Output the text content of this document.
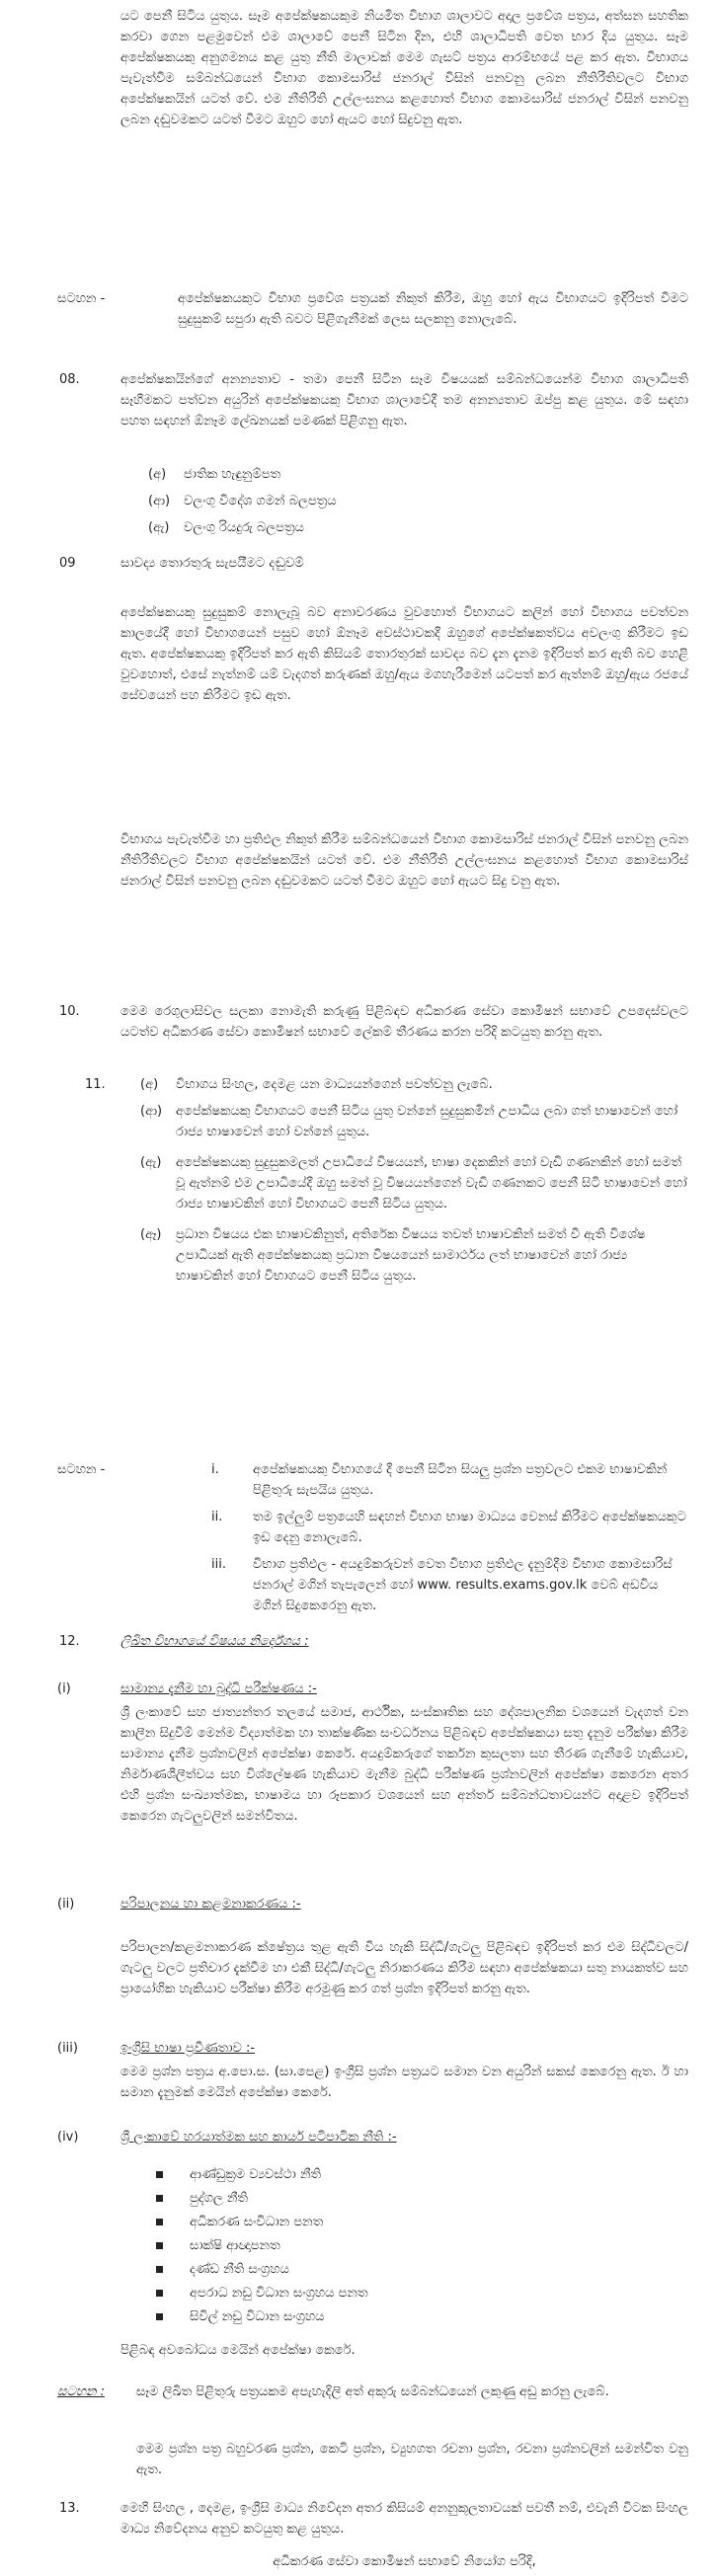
යට පෙනී සිටිය යුතුය. සෑම අපේක්ෂකයකුම නියමිත විභාග ශාලාවට අදාල ප්‍රවේශ පත්‍රය, අත්සන සහතික කරවා ගෙන පළමුවෙන් එම ශාලාවේ පෙනී සිටින දින, එහි ශාලාධිපති වෙත භාර දිය යුතුය. සෑම අපේක්ෂකයකු අනුගමනය කළ යුතු නීති මාලාවක් මෙම ගැසට් පත්‍රය ආරම්භයේ පළ කර ඇත. විභාගය පැවැත්වීම සම්බන්ධයෙන් විභාග කොමසාරිස් ජනරාල් විසින් පනවනු ලබන නීතිරීතිවලට විභාග අපේක්ෂකයින් යටත් වේ. එම නීතිරීති උල්ලංඝනය කළහොත් විභාග කොමසාරිස් ජනරාල් විසින් පනවනු ලබන දඬුවමකට යටත් වීමට ඔහුට හෝ ඇයට හෝ සිදුවනු ඇත.

සටහන -	අපේක්ෂකයකුට විභාග ප්‍රවේශ පත්‍රයක් නිකුත් කිරීම, ඔහු හෝ ඇය විභාගයට ඉදිරිපත් වීමට සුදුසුකම් සපුරා ඇති බවට පිළිගැනීමක් ලෙස සලකනු නොලැබේ.

08.	අපේක්ෂකයින්ගේ අනන්‍යතාව - තමා පෙනී සිටින සෑම විෂයයක් සම්බන්ධයෙන්ම විභාග ශාලාධිපති සෑහීමකට පත්වන අයුරින් අපේක්ෂකයකු විභාග ශාලාවේදී තම අනන්‍යතාව ඔප්පු කළ යුතුය. මේ සඳහා පහත සඳහන් ඕනෑම ලේඛනයක් පමණක් පිළිගනු ඇත.

(අ) ජාතික හැඳුනුම්පත
(ආ) වලංගු විදේශ ගමන් බලපත්‍රය
(ඇ) වලංගු රියදුරු බලපත්‍රය

09	සාවද්‍ය තොරතුරු සැපයීමට දඬුවම්

අපේක්ෂකයකු සුදුසුකම් නොලැබූ බව අනාවරණය වුවහොත් විභාගයට කලින් හෝ විභාගය පවත්වන කාලයේදී හෝ විභාගයෙන් පසුව හෝ ඕනෑම අවස්ථාවකදී ඔහුගේ අපේක්ෂකත්වය අවලංගු කිරීමට ඉඩ ඇත. අපේක්ෂකයකු ඉදිරිපත් කර ඇති කිසියම් තොරතුරක් සාවද්‍ය බව දැන දැනම ඉදිරිපත් කර ඇති බව හෙළි වුවහොත්, එසේ නැත්නම් යම් වැදගත් කරුණක් ඔහු/ඇය මගහැරීමෙන් යටපත් කර ඇත්නම් ඔහු/ඇය රජයේ සේවයෙන් පහ කිරීමට ඉඩ ඇත.

විභාගය පැවැත්වීම හා ප්‍රතිඵල නිකුත් කිරීම සම්බන්ධයෙන් විභාග කොමසාරිස් ජනරාල් විසින් පනවනු ලබන නීතිරීතිවලට විභාග අපේක්ෂකයින් යටත් වේ. එම නීතිරීති උල්ලංඝනය කළහොත් විභාග කොමසාරිස් ජනරාල් විසින් පනවනු ලබන දඬුවමකට යටත් වීමට ඔහුට හෝ ඇයට සිදු වනු ඇත.

10.	මෙම රෙගුලාසිවල සලකා නොමැති කරුණු පිළිබඳව අධිකරණ සේවා කොමිෂන් සභාවේ උපදෙස්වලට යටත්ව අධිකරණ සේවා කොමිෂන් සභාවේ ලේකම් තීරණය කරන පරිදි කටයුතු කරනු ඇත.

11.	(අ) විභාගය සිංහල, දෙමළ යන මාධ්‍යයන්ගෙන් පවත්වනු ලැබේ.
(ආ) අපේක්ෂකයකු විභාගයට පෙනී සිටිය යුතු වන්නේ සුදුසුකමින් උපාධිය ලබා ගත් භාෂාවෙන් හෝ රාජ්‍ය භාෂාවෙන් හෝ වන්නේ යුතුය.
(ඇ) අපේක්ෂකයකු සුදුසුකමලත් උපාධියේ විෂයයන්, භාෂා දෙකකින් හෝ වැඩි ගණනකින් හෝ සමත් වූ ඇත්නම් එම උපාධියේදී ඔහු සමත් වූ විෂයයන්ගෙන් වැඩි ගණනකට පෙනී සිටි භාෂාවෙන් හෝ රාජ්‍ය භාෂාවකින් හෝ විභාගයට පෙනී සිටිය යුතුය.
(ඈ) ප්‍රධාන විෂයය එක භාෂාවකිනුත්, අතිරේක විෂයය තවත් භාෂාවකින් සමත් වී ඇති විශේෂ උපාධියක් ඇති අපේක්ෂකයකු ප්‍රධාන විෂයයෙන් සාමාර්ථය ලත් භාෂාවෙන් හෝ රාජ්‍ය භාෂාවකින් හෝ විභාගයට පෙනී සිටිය යුතුය.

සටහන -	i.	අපේක්ෂකයකු විභාගයේ දී පෙනී සිටින සියලු ප්‍රශ්න පත්‍රවලට එකම භාෂාවකින් පිළිතුරු සැපයිය යුතුය.
ii. තම ඉල්ලුම් පත්‍රයෙහි සඳහන් විභාග භාෂා මාධ්‍යය වෙනස් කිරීමට අපේක්ෂකයකුට ඉඩ දෙනු නොලැබේ.
iii. විභාග ප්‍රතිඵල - අයදුම්කරුවන් වෙත විභාග ප්‍රතිඵල දැනුම්දීම විභාග කොමසාරිස් ජනරාල් මගින් තැපැලෙන් හෝ www. results.exams.gov.lk වෙබ් අඩවිය මගින් සිදුකෙරෙනු ඇත.

12.	ලිඛිත විභාගයේ විෂයය නිර්දේශය :

(i)	සාමාන්‍ය දැනීම හා බුද්ධි පරීක්ෂණය :-

ශ්‍රී ලංකාවේ සහ ජාත්‍යන්තර තලයේ සමාජ, ආර්ථික, සංස්කෘතික සහ දේශපාලනික වශයෙන් වැදගත් වන කාලීන සිදුවීම් මෙන්ම විද්‍යාත්මක හා තාක්ෂණික සංවර්ධනය පිළිබඳව අපේක්ෂකයා සතු දැනුම පරීක්ෂා කිරීම සාමාන්‍ය දැනීම ප්‍රශ්නවලින් අපේක්ෂා කෙරේ. අයදුම්කරුගේ තර්කන කුසලතා සහ තීරණ ගැනීමේ හැකියාව, නිර්මාණශීලීත්වය සහ විශ්ලේෂණ හැකියාව මැනීම බුද්ධි පරීක්ෂණ ප්‍රශ්නවලින් අපේක්ෂා කෙරෙන අතර එහි ප්‍රශ්න සංඛ්‍යාත්මක, භාෂාමය හා රූපකාර වශයෙන් සහ අන්තර් සම්බන්ධතාවයන්ට අදාළව ඉදිරිපත් කෙරෙන ගැටලුවලින් සමන්විතය.

(ii)	පරිපාලනය හා කළමනාකරණය :-

පරිපාලන/කළමනාකරණ ක්ෂේත්‍රය තුළ ඇති විය හැකි සිද්ධි/ගැටලු පිළිබඳව ඉදිරිපත් කර එම සිද්ධිවලට/ගැටලු වලට ප්‍රතිචාර දැක්වීම හා එකී සිද්ධි/ගැටලු නිරාකරණය කිරීම සඳහා අපේක්ෂකයා සතු නායකත්ව සහ ප්‍රායෝගික හැකියාව පරීක්ෂා කිරීම අරමුණු කර ගත් ප්‍රශ්න ඉදිරිපත් කරනු ඇත.

(iii)	ඉංග්‍රීසි භාෂා ප්‍රවීණතාව :-

මෙම ප්‍රශ්න පත්‍රය අ.පො.ස. (සා.පෙළ) ඉංග්‍රීසි ප්‍රශ්න පත්‍රයට සමාන වන අයුරින් සකස් කෙරෙනු ඇත. ඊ හා සමාන දැනුමක් මෙයින් අපේක්ෂා කෙරේ.

(iv)	ශ්‍රී ලංකාවේ හරයාත්මක සහ කාර්ය පටිපාටික නීති :-

ආණ්ඩුක්‍රම ව්‍යවස්ථා නීති
පුද්ගල නීති
අධිකරණ සංවිධාන පනත
සාක්ෂි ආඥාපනත
දණ්ඩ නීති සංග්‍රහය
අපරාධ නඩු විධාන සංග්‍රහය පනත
සිවිල් නඩු විධාන සංග්‍රහය

පිළිබඳ අවබෝධය මෙයින් අපේක්ෂා කෙරේ.

සටහන : සෑම ලිඛිත පිළිතුරු පත්‍රයකම අපැහැදිලි අත් අකුරු සම්බන්ධයෙන් ලකුණු අඩු කරනු ලැබේ.

මෙම ප්‍රශ්න පත්‍ර බහුවරණ ප්‍රශ්න, කෙටි ප්‍රශ්න, ව්‍යුහගත රචනා ප්‍රශ්න, රචනා ප්‍රශ්නවලින් සමන්විත වනු ඇත.

13.	මෙහි සිංහල , දෙමළ, ඉංග්‍රීසි මාධ්‍ය නිවේදන අතර කිසියම් අනනුකූලතාවයක් පවතී නම්, එවැනි විටක සිංහල මාධ්‍ය නිවේදනය අනුව කටයුතු කළ යුතුය.

අධිකරණ සේවා කොමිෂන් සභාවේ නියෝග පරිදි,
